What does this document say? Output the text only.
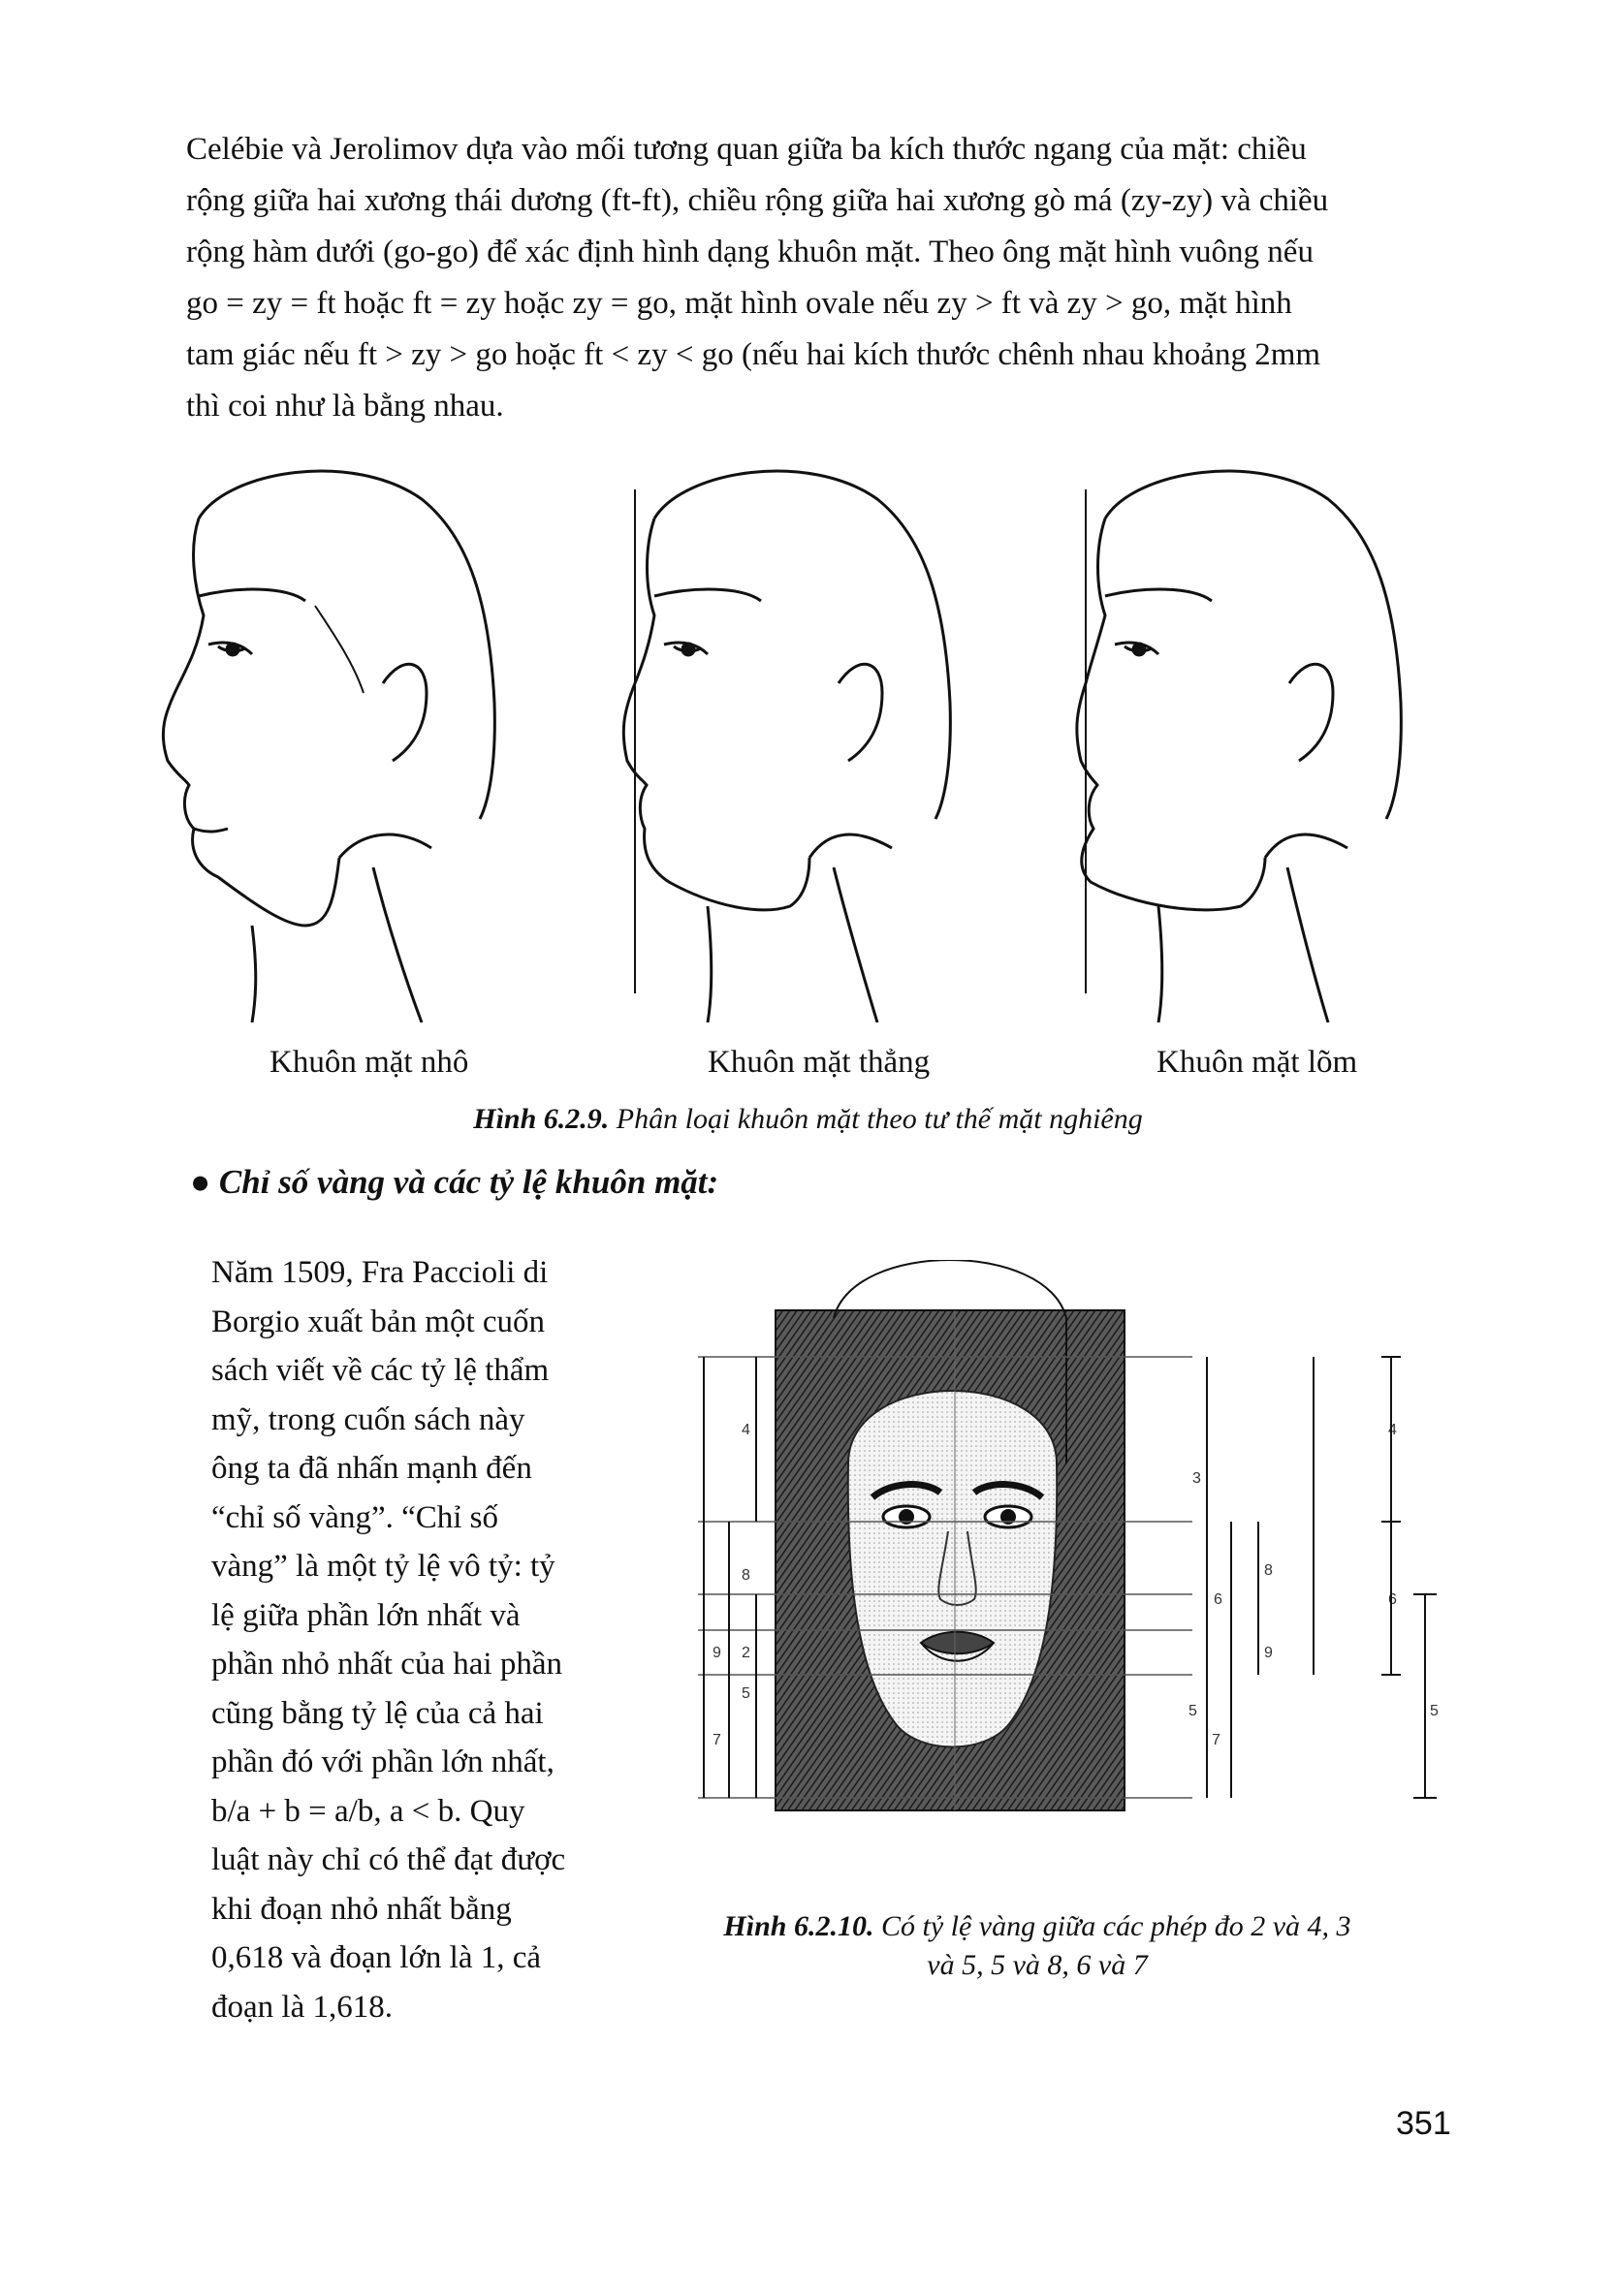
Celébie và Jerolimov dựa vào mối tương quan giữa ba kích thước ngang của mặt: chiều
rộng giữa hai xương thái dương (ft-ft), chiều rộng giữa hai xương gò má (zy-zy) và chiều
rộng hàm dưới (go-go) để xác định hình dạng khuôn mặt. Theo ông mặt hình vuông nếu
go = zy = ft hoặc ft = zy hoặc zy = go, mặt hình ovale nếu zy > ft và zy > go, mặt hình
tam giác nếu ft > zy > go hoặc ft < zy < go (nếu hai kích thước chênh nhau khoảng 2mm
thì coi như là bằng nhau.
Khuôn mặt nhô	Khuôn mặt thẳng	Khuôn mặt lõm
Hình 6.2.9. Phân loại khuôn mặt theo tư thế mặt nghiêng
● Chỉ số vàng và các tỷ lệ khuôn mặt:
Năm 1509, Fra Paccioli di
Borgio xuất bản một cuốn
sách viết về các tỷ lệ thẩm
mỹ, trong cuốn sách này
ông ta đã nhấn mạnh đến
“chỉ số vàng”. “Chỉ số
vàng” là một tỷ lệ vô tỷ: tỷ
lệ giữa phần lớn nhất và
phần nhỏ nhất của hai phần
cũng bằng tỷ lệ của cả hai
phần đó với phần lớn nhất,
b/a + b = a/b, a < b. Quy
luật này chỉ có thể đạt được
khi đoạn nhỏ nhất bằng
0,618 và đoạn lớn là 1, cả
đoạn là 1,618.
4
8
9 2
5
7
3
6
8
9
5
7
4
6
5
Hình 6.2.10. Có tỷ lệ vàng giữa các phép đo 2 và 4, 3
và 5, 5 và 8, 6 và 7
351
